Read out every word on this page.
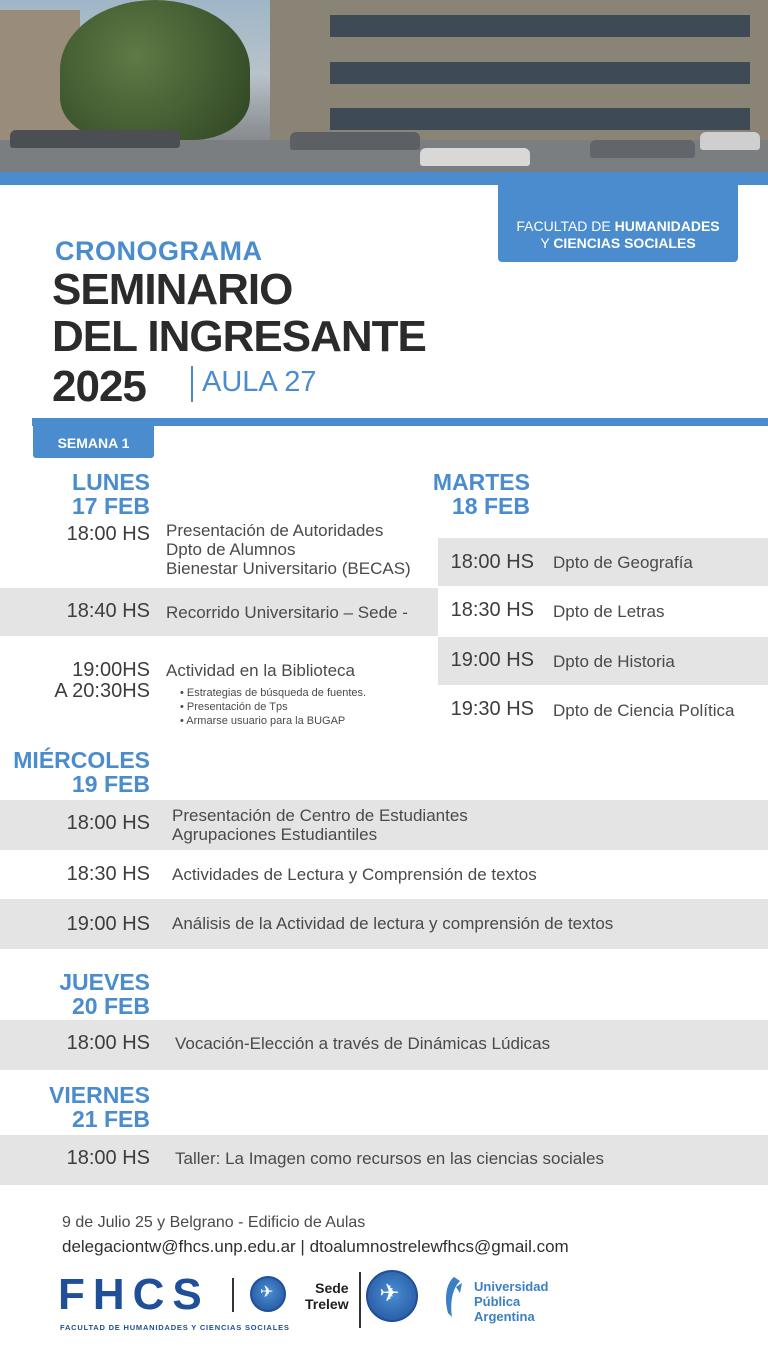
FACULTAD DE HUMANIDADES
Y CIENCIAS SOCIALES
CRONOGRAMA
SEMINARIO
DEL INGRESANTE
2025 AULA 27
SEMANA 1
LUNES
17 FEB
18:00 HS Presentación de Autoridades
Dpto de Alumnos
Bienestar Universitario (BECAS)
18:40 HS Recorrido Universitario – Sede -
19:00HS
A 20:30HS
Actividad en la Biblioteca
• Estrategias de búsqueda de fuentes.
• Presentación de Tps
• Armarse usuario para la BUGAP
MARTES
18 FEB
18:00 HS Dpto de Geografía
18:30 HS Dpto de Letras
19:00 HS Dpto de Historia
19:30 HS Dpto de Ciencia Política
MIÉRCOLES
19 FEB
18:00 HS Presentación de Centro de Estudiantes
Agrupaciones Estudiantiles
18:30 HS Actividades de Lectura y Comprensión de textos
19:00 HS Análisis de la Actividad de lectura y comprensión de textos
JUEVES
20 FEB
18:00 HS Vocación-Elección a través de Dinámicas Lúdicas
VIERNES
21 FEB
18:00 HS Taller: La Imagen como recursos en las ciencias sociales
9 de Julio 25 y Belgrano - Edificio de Aulas
delegaciontw@fhcs.unp.edu.ar | dtoalumnostrelewfhcs@gmail.com
FHCS
FACULTAD DE HUMANIDADES Y CIENCIAS SOCIALES
✈	Sede
Trelew ✈	Universidad
Pública
Argentina
